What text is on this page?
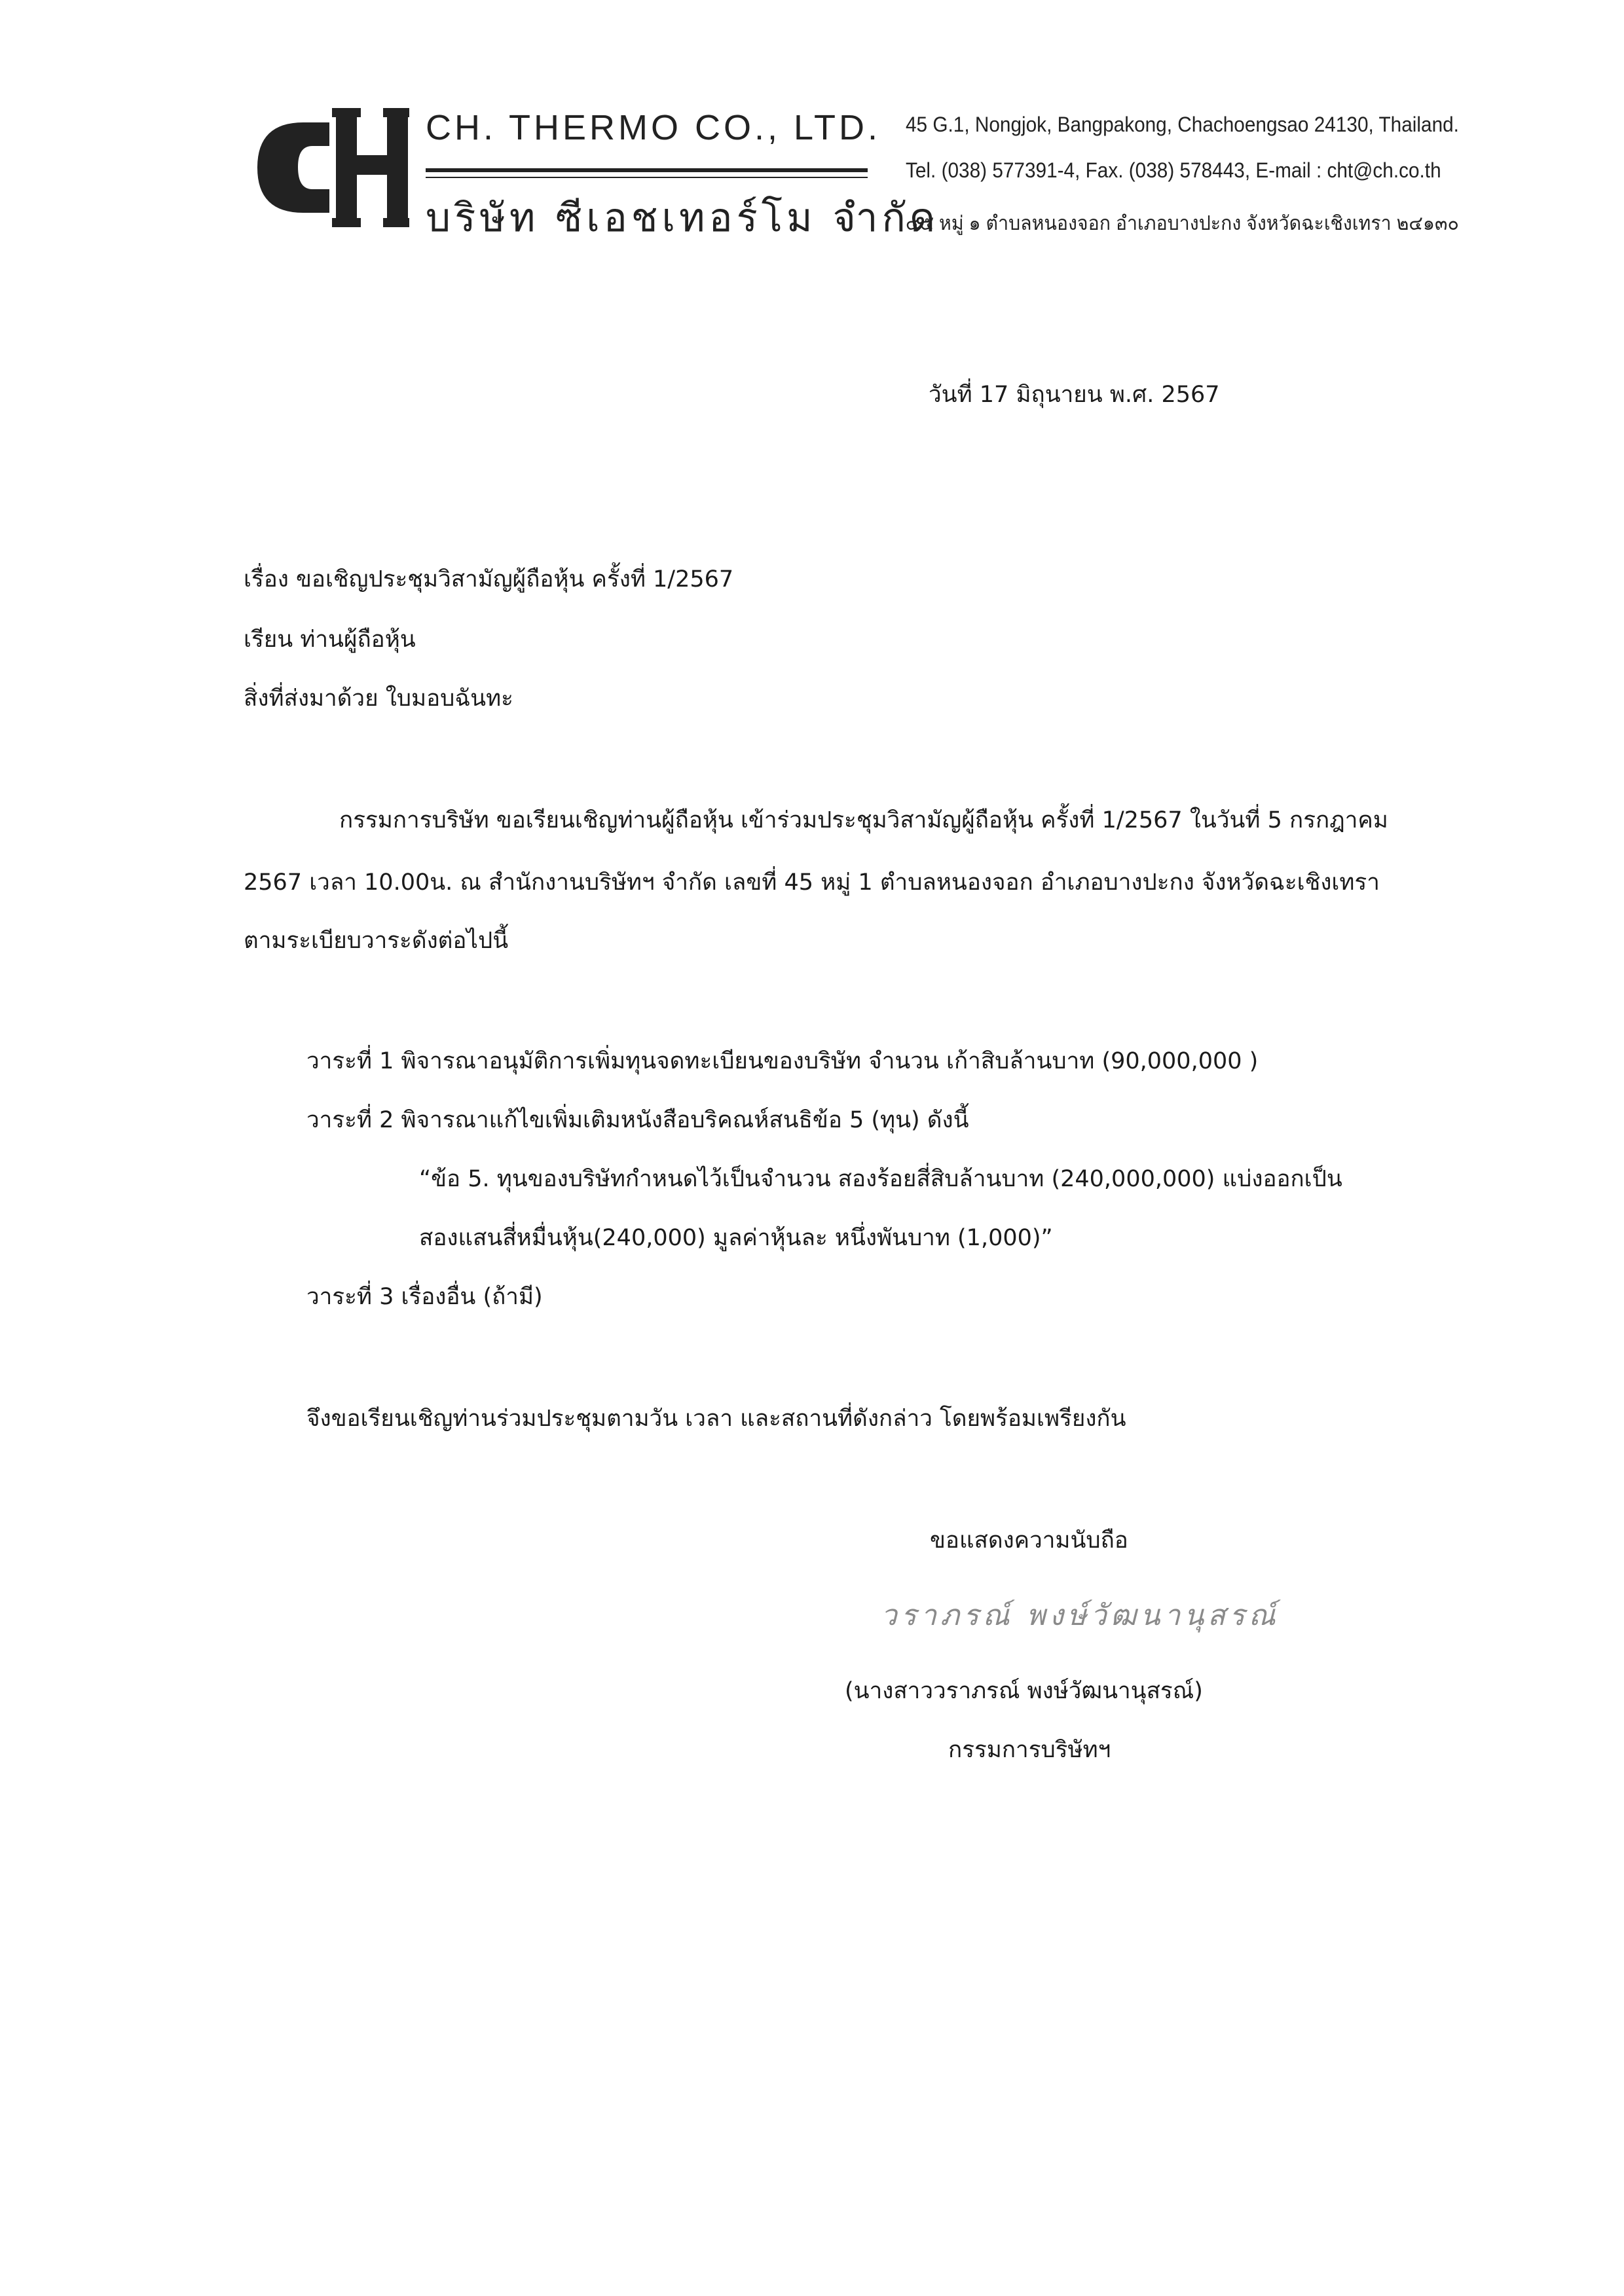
CH. THERMO CO., LTD.
บริษัท ซีเอชเทอร์โม จำกัด
45 G.1, Nongjok, Bangpakong, Chachoengsao 24130, Thailand.
Tel. (038) 577391-4, Fax. (038) 578443, E-mail : cht@ch.co.th
๔๕ หมู่ ๑ ตำบลหนองจอก อำเภอบางปะกง จังหวัดฉะเชิงเทรา ๒๔๑๓๐
วันที่ 17 มิถุนายน พ.ศ. 2567
เรื่อง ขอเชิญประชุมวิสามัญผู้ถือหุ้น ครั้งที่ 1/2567
เรียน ท่านผู้ถือหุ้น
สิ่งที่ส่งมาด้วย ใบมอบฉันทะ
กรรมการบริษัท ขอเรียนเชิญท่านผู้ถือหุ้น เข้าร่วมประชุมวิสามัญผู้ถือหุ้น ครั้งที่ 1/2567 ในวันที่ 5 กรกฎาคม
2567 เวลา 10.00น. ณ สำนักงานบริษัทฯ จำกัด เลขที่ 45 หมู่ 1 ตำบลหนองจอก อำเภอบางปะกง จังหวัดฉะเชิงเทรา
ตามระเบียบวาระดังต่อไปนี้
วาระที่ 1 พิจารณาอนุมัติการเพิ่มทุนจดทะเบียนของบริษัท จำนวน เก้าสิบล้านบาท (90,000,000 )
วาระที่ 2 พิจารณาแก้ไขเพิ่มเติมหนังสือบริคณห์สนธิข้อ 5 (ทุน) ดังนี้
“ข้อ 5. ทุนของบริษัทกำหนดไว้เป็นจำนวน สองร้อยสี่สิบล้านบาท (240,000,000) แบ่งออกเป็น
สองแสนสี่หมื่นหุ้น(240,000) มูลค่าหุ้นละ หนึ่งพันบาท (1,000)”
วาระที่ 3 เรื่องอื่น (ถ้ามี)
จึงขอเรียนเชิญท่านร่วมประชุมตามวัน เวลา และสถานที่ดังกล่าว โดยพร้อมเพรียงกัน
ขอแสดงความนับถือ
วราภรณ์ พงษ์วัฒนานุสรณ์
(นางสาววราภรณ์ พงษ์วัฒนานุสรณ์)
กรรมการบริษัทฯ
